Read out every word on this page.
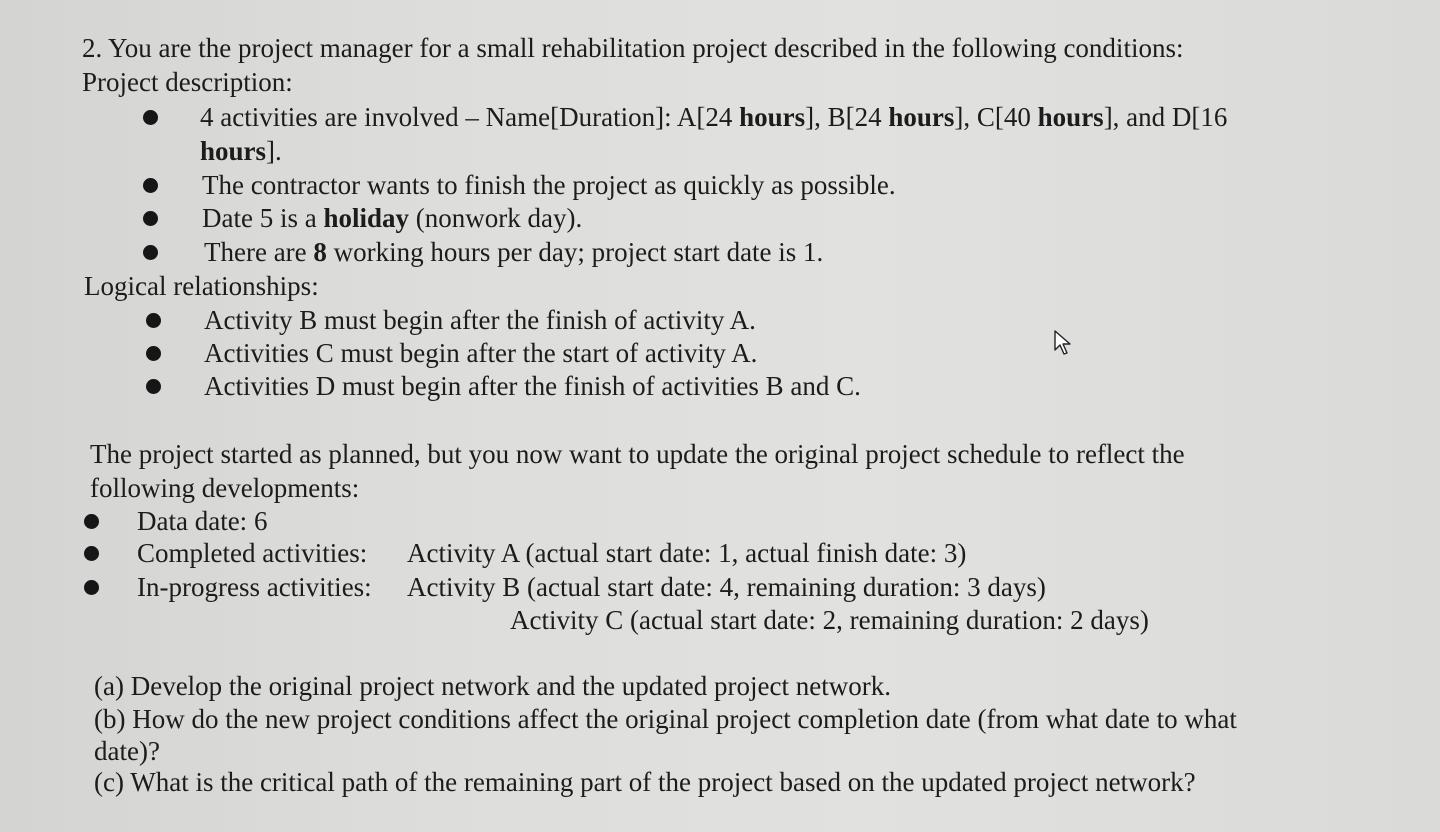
2. You are the project manager for a small rehabilitation project described in the following conditions:
Project description:
4 activities are involved – Name[Duration]: A[24 hours], B[24 hours], C[40 hours], and D[16
hours].
The contractor wants to finish the project as quickly as possible.
Date 5 is a holiday (nonwork day).
There are 8 working hours per day; project start date is 1.
Logical relationships:
Activity B must begin after the finish of activity A.
Activities C must begin after the start of activity A.
Activities D must begin after the finish of activities B and C.
The project started as planned, but you now want to update the original project schedule to reflect the
following developments:
Data date: 6
Completed activities: Activity A (actual start date: 1, actual finish date: 3)
In-progress activities: Activity B (actual start date: 4, remaining duration: 3 days)
Activity C (actual start date: 2, remaining duration: 2 days)
(a) Develop the original project network and the updated project network.
(b) How do the new project conditions affect the original project completion date (from what date to what
date)?
(c) What is the critical path of the remaining part of the project based on the updated project network?
